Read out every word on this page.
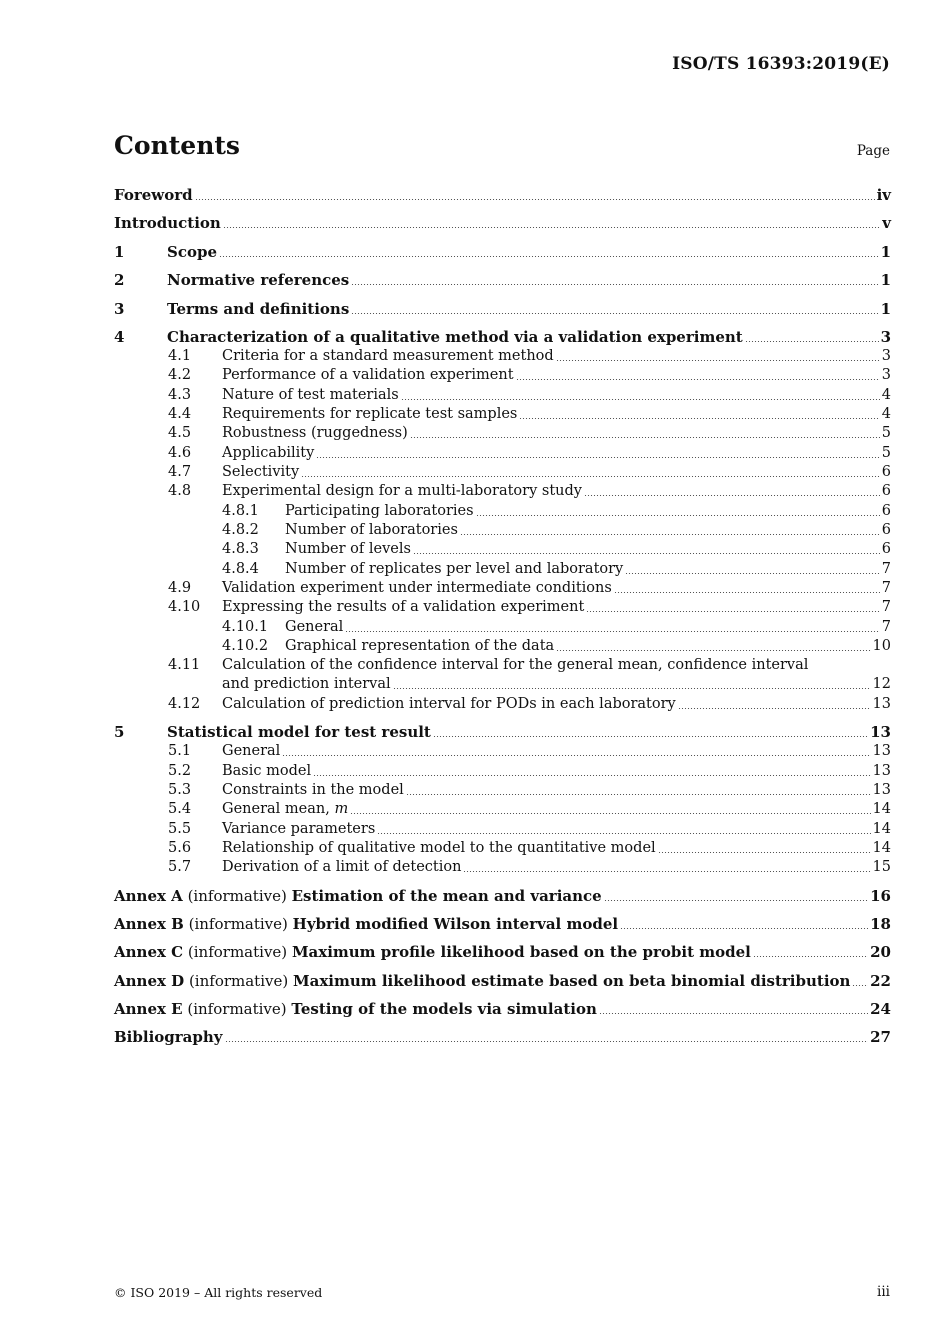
ISO/TS 16393:2019(E)
Contents	Page
Foreword	iv
Introduction	v
1	Scope	1
2	Normative references	1
3	Terms and definitions	1
4	Characterization of a qualitative method via a validation experiment	3
4.1	Criteria for a standard measurement method	3
4.2	Performance of a validation experiment	3
4.3	Nature of test materials	4
4.4	Requirements for replicate test samples	4
4.5	Robustness (ruggedness)	5
4.6	Applicability	5
4.7	Selectivity	6
4.8	Experimental design for a multi-laboratory study	6
4.8.1	Participating laboratories	6
4.8.2	Number of laboratories	6
4.8.3	Number of levels	6
4.8.4	Number of replicates per level and laboratory	7
4.9	Validation experiment under intermediate conditions	7
4.10	Expressing the results of a validation experiment	7
4.10.1	General	7
4.10.2	Graphical representation of the data	10
4.11	Calculation of the confidence interval for the general mean, confidence interval
and prediction interval	12
4.12	Calculation of prediction interval for PODs in each laboratory	13
5	Statistical model for test result	13
5.1	General	13
5.2	Basic model	13
5.3	Constraints in the model	13
5.4	General mean, m	14
5.5	Variance parameters	14
5.6	Relationship of qualitative model to the quantitative model	14
5.7	Derivation of a limit of detection	15
Annex A (informative) Estimation of the mean and variance	16
Annex B (informative) Hybrid modified Wilson interval model	18
Annex C (informative) Maximum profile likelihood based on the probit model	20
Annex D (informative) Maximum likelihood estimate based on beta binomial distribution 22
Annex E (informative) Testing of the models via simulation	24
Bibliography	27
© ISO 2019 – All rights reserved	iii
